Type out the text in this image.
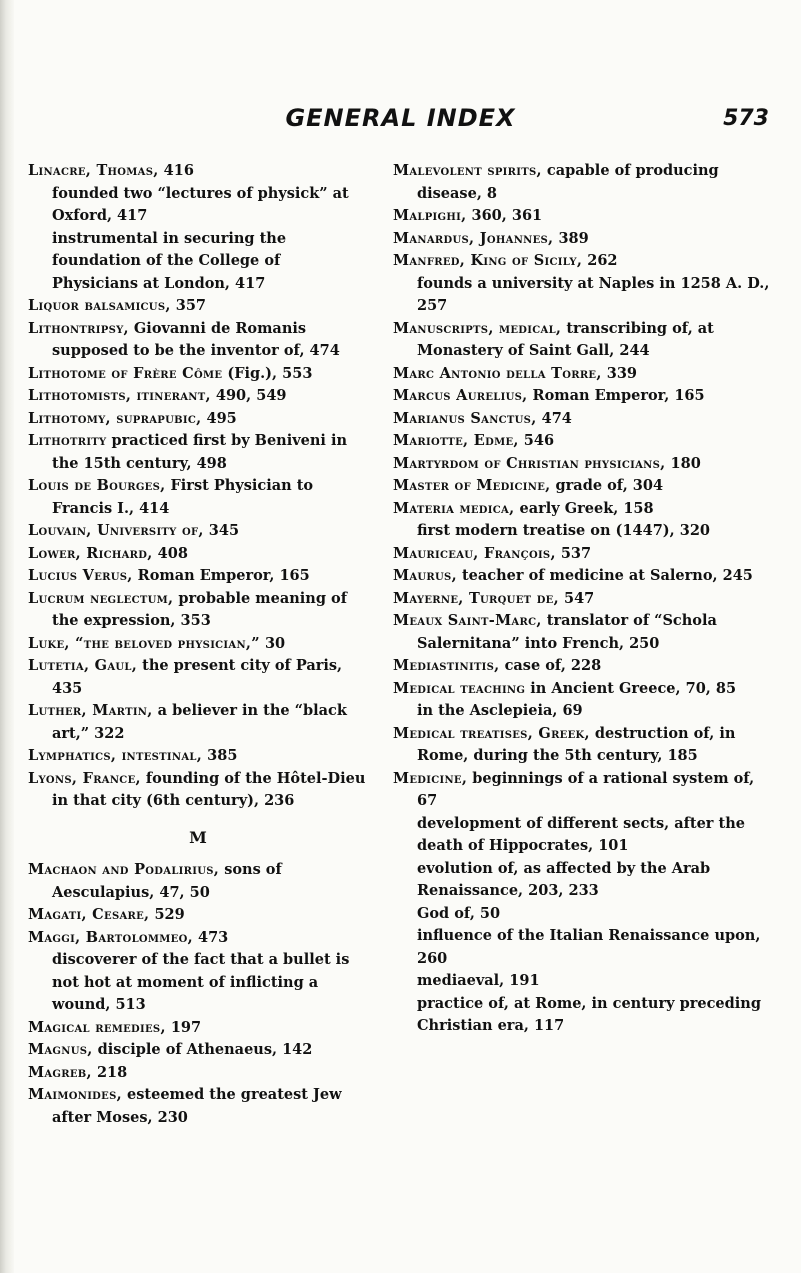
GENERAL INDEX	573
Linacre, Thomas, 416
founded two “lectures of physick” at Oxford, 417
instrumental in securing the foundation of the College of Physicians at London, 417
Liquor balsamicus, 357
Lithontripsy, Giovanni de Romanis supposed to be the inventor of, 474
Lithotome of Frère Côme (Fig.), 553
Lithotomists, itinerant, 490, 549
Lithotomy, suprapubic, 495
Lithotrity practiced first by Beniveni in the 15th century, 498
Louis de Bourges, First Physician to Francis I., 414
Louvain, University of, 345
Lower, Richard, 408
Lucius Verus, Roman Emperor, 165
Lucrum neglectum, probable meaning of the expression, 353
Luke, “the beloved physician,” 30
Lutetia, Gaul, the present city of Paris, 435
Luther, Martin, a believer in the “black art,” 322
Lymphatics, intestinal, 385
Lyons, France, founding of the Hôtel-Dieu in that city (6th century), 236
M
Machaon and Podalirius, sons of Aesculapius, 47, 50
Magati, Cesare, 529
Maggi, Bartolommeo, 473
discoverer of the fact that a bullet is not hot at moment of inflicting a wound, 513
Magical remedies, 197
Magnus, disciple of Athenaeus, 142
Magreb, 218
Maimonides, esteemed the greatest Jew after Moses, 230
Malevolent spirits, capable of producing disease, 8
Malpighi, 360, 361
Manardus, Johannes, 389
Manfred, King of Sicily, 262
founds a university at Naples in 1258 A. D., 257
Manuscripts, medical, transcribing of, at Monastery of Saint Gall, 244
Marc Antonio della Torre, 339
Marcus Aurelius, Roman Emperor, 165
Marianus Sanctus, 474
Mariotte, Edme, 546
Martyrdom of Christian physicians, 180
Master of Medicine, grade of, 304
Materia medica, early Greek, 158
first modern treatise on (1447), 320
Mauriceau, François, 537
Maurus, teacher of medicine at Salerno, 245
Mayerne, Turquet de, 547
Meaux Saint-Marc, translator of “Schola Salernitana” into French, 250
Mediastinitis, case of, 228
Medical teaching in Ancient Greece, 70, 85
in the Asclepieia, 69
Medical treatises, Greek, destruction of, in Rome, during the 5th century, 185
Medicine, beginnings of a rational system of, 67
development of different sects, after the death of Hippocrates, 101
evolution of, as affected by the Arab Renaissance, 203, 233
God of, 50
influence of the Italian Renaissance upon, 260
mediaeval, 191
practice of, at Rome, in century preceding Christian era, 117
